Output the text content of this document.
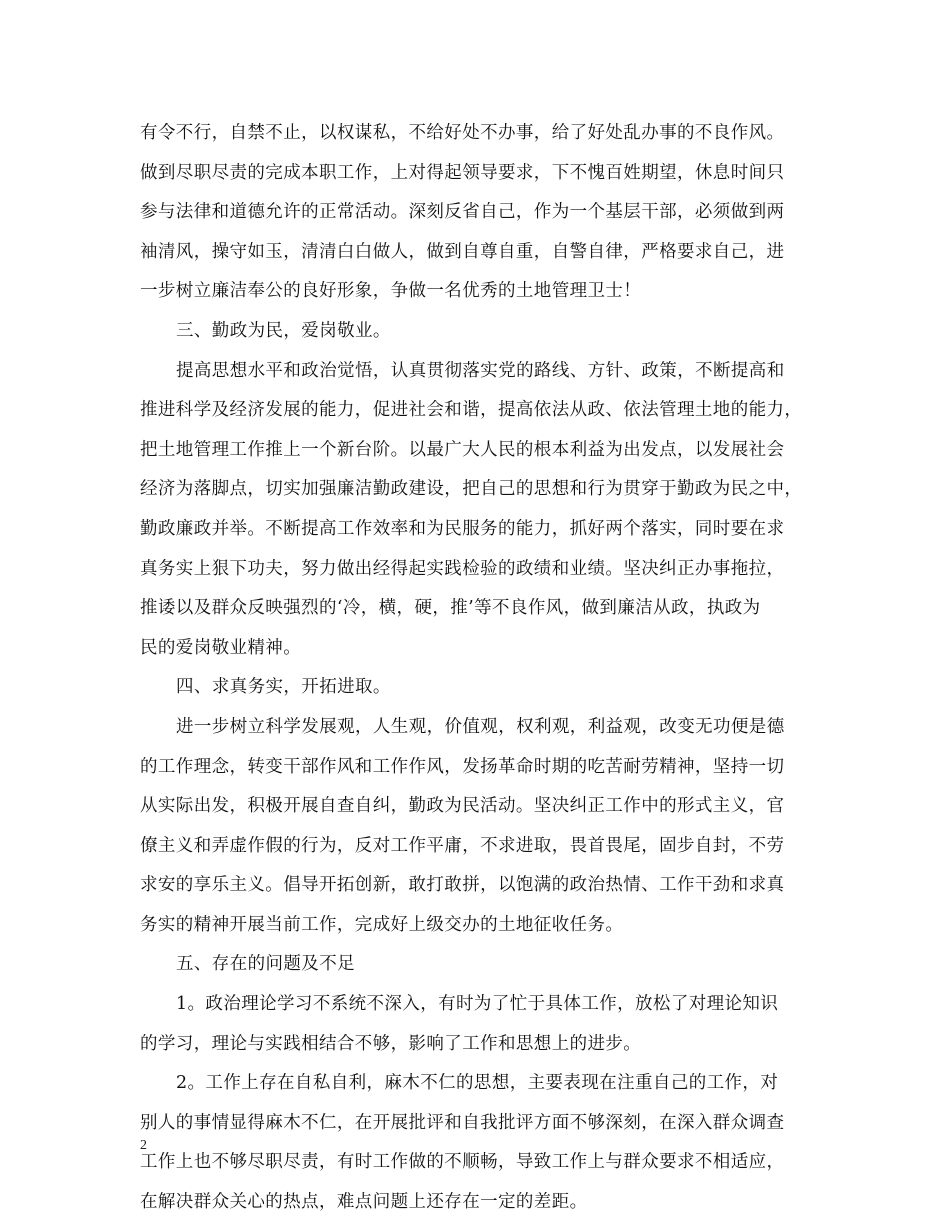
有令不行，自禁不止，以权谋私，不给好处不办事，给了好处乱办事的不良作风。
做到尽职尽责的完成本职工作，上对得起领导要求，下不愧百姓期望，休息时间只
参与法律和道德允许的正常活动。深刻反省自己，作为一个基层干部，必须做到两
袖清风，操守如玉，清清白白做人，做到自尊自重，自警自律，严格要求自己，进
一步树立廉洁奉公的良好形象，争做一名优秀的土地管理卫士！
三、勤政为民，爱岗敬业。
提高思想水平和政治觉悟，认真贯彻落实党的路线、方针、政策，不断提高和
推进科学及经济发展的能力，促进社会和谐，提高依法从政、依法管理土地的能力，
把土地管理工作推上一个新台阶。以最广大人民的根本利益为出发点，以发展社会
经济为落脚点，切实加强廉洁勤政建设，把自己的思想和行为贯穿于勤政为民之中，
勤政廉政并举。不断提高工作效率和为民服务的能力，抓好两个落实，同时要在求
真务实上狠下功夫，努力做出经得起实践检验的政绩和业绩。坚决纠正办事拖拉，
推诿以及群众反映强烈的‘冷，横，硬，推’等不良作风，做到廉洁从政，执政为
民的爱岗敬业精神。
四、求真务实，开拓进取。
进一步树立科学发展观，人生观，价值观，权利观，利益观，改变无功便是德
的工作理念，转变干部作风和工作作风，发扬革命时期的吃苦耐劳精神，坚持一切
从实际出发，积极开展自查自纠，勤政为民活动。坚决纠正工作中的形式主义，官
僚主义和弄虚作假的行为，反对工作平庸，不求进取，畏首畏尾，固步自封，不劳
求安的享乐主义。倡导开拓创新，敢打敢拼，以饱满的政治热情、工作干劲和求真
务实的精神开展当前工作，完成好上级交办的土地征收任务。
五、存在的问题及不足
1。政治理论学习不系统不深入，有时为了忙于具体工作，放松了对理论知识
的学习，理论与实践相结合不够，影响了工作和思想上的进步。
2。工作上存在自私自利，麻木不仁的思想，主要表现在注重自己的工作，对
别人的事情显得麻木不仁，在开展批评和自我批评方面不够深刻，在深入群众调查
工作上也不够尽职尽责，有时工作做的不顺畅，导致工作上与群众要求不相适应，
在解决群众关心的热点，难点问题上还存在一定的差距。
2
